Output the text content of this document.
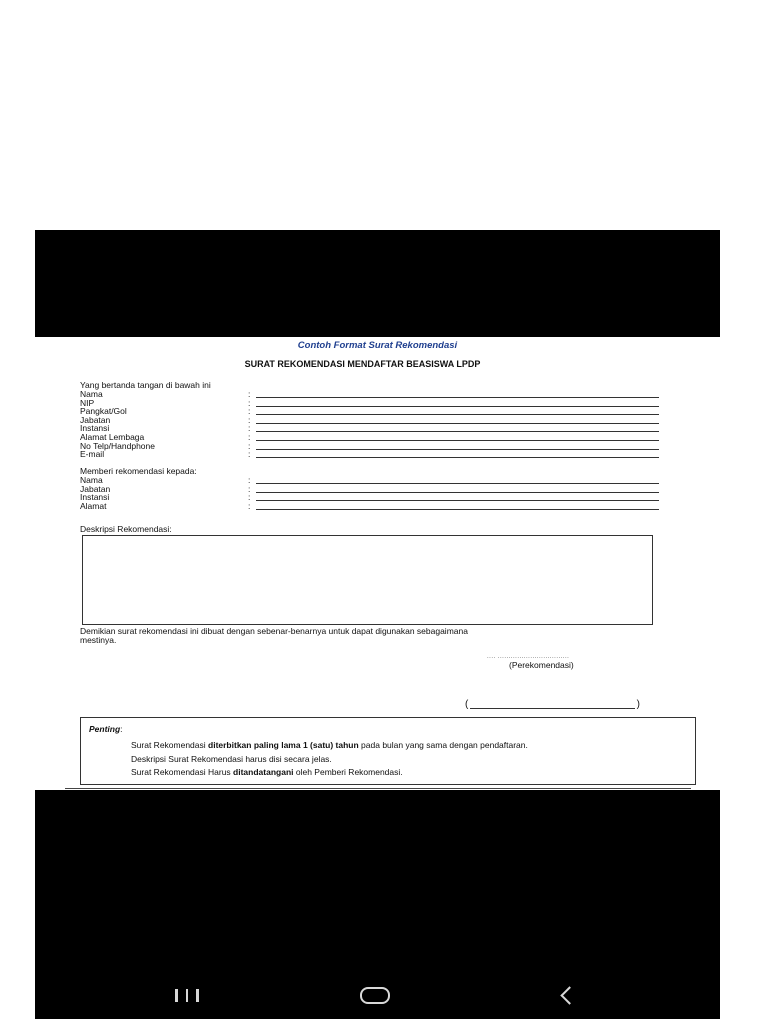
Contoh Format Surat Rekomendasi
SURAT REKOMENDASI MENDAFTAR BEASISWA LPDP
Yang bertanda tangan di bawah ini
Nama	:
NIP	:
Pangkat/Gol	:
Jabatan	:
Instansi	:
Alamat Lembaga	:
No Telp/Handphone	:
E-mail	:
Memberi rekomendasi kepada:
Nama	:
Jabatan	:
Instansi	:
Alamat	:
Deskripsi Rekomendasi:
Demikian surat rekomendasi ini dibuat dengan sebenar-benarnya untuk dapat digunakan sebagaimana
mestinya.
.... .................................
(Perekomendasi)
(	)
Penting:
Surat Rekomendasi diterbitkan paling lama 1 (satu) tahun pada bulan yang sama dengan pendaftaran.
Deskripsi Surat Rekomendasi harus disi secara jelas.
Surat Rekomendasi Harus ditandatangani oleh Pemberi Rekomendasi.
